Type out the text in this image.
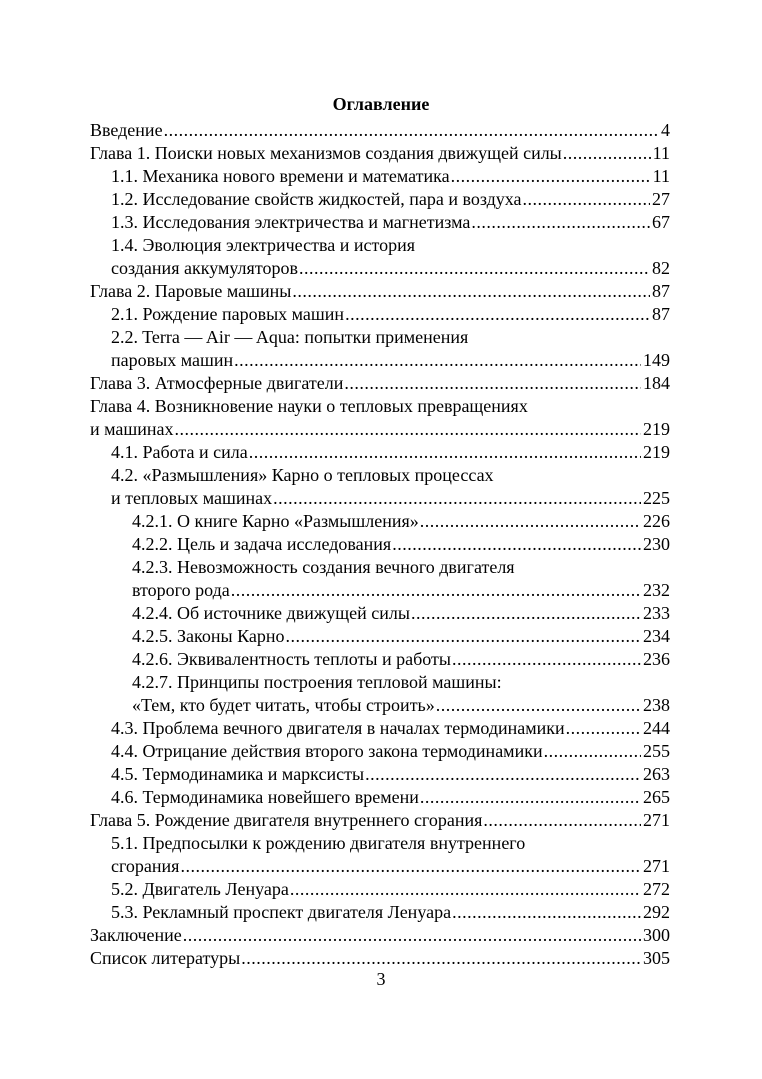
Оглавление
Введение .....	4
Глава 1. Поиски новых механизмов создания движущей силы .....	11
1.1. Механика нового времени и математика .....	11
1.2. Исследование свойств жидкостей, пара и воздуха .....	27
1.3. Исследования электричества и магнетизма .....	67
1.4. Эволюция электричества и история
создания аккумуляторов .....	82
Глава 2. Паровые машины .....	87
2.1. Рождение паровых машин .....	87
2.2. Terra — Air — Aqua: попытки применения
паровых машин .....	149
Глава 3. Атмосферные двигатели .....	184
Глава 4. Возникновение науки о тепловых превращениях
и машинах .....	219
4.1. Работа и сила .....	219
4.2. «Размышления» Карно о тепловых процессах
и тепловых машинах .....	225
4.2.1. О книге Карно «Размышления» .....	226
4.2.2. Цель и задача исследования .....	230
4.2.3. Невозможность создания вечного двигателя
второго рода .....	232
4.2.4. Об источнике движущей силы .....	233
4.2.5. Законы Карно .....	234
4.2.6. Эквивалентность теплоты и работы .....	236
4.2.7. Принципы построения тепловой машины:
«Тем, кто будет читать, чтобы строить» .....	238
4.3. Проблема вечного двигателя в началах термодинамики .....	244
4.4. Отрицание действия второго закона термодинамики .....	255
4.5. Термодинамика и марксисты .....	263
4.6. Термодинамика новейшего времени .....	265
Глава 5. Рождение двигателя внутреннего сгорания .....	271
5.1. Предпосылки к рождению двигателя внутреннего
сгорания .....	271
5.2. Двигатель Ленуара .....	272
5.3. Рекламный проспект двигателя Ленуара .....	292
Заключение .....	300
Список литературы .....	305
3
